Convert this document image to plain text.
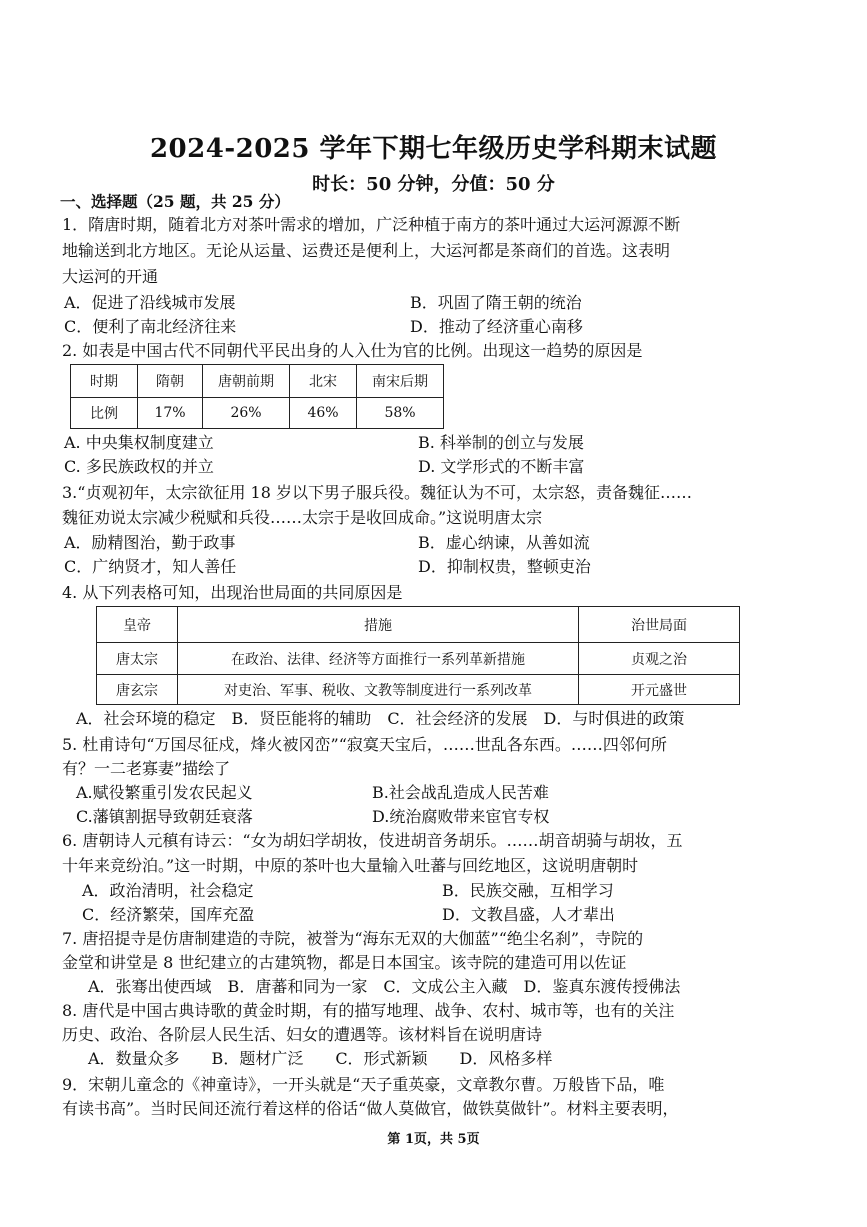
2024-2025 学年下期七年级历史学科期末试题
时长：50 分钟，分值：50 分
一、选择题（25 题，共 25 分）
1．隋唐时期，随着北方对茶叶需求的增加，广泛种植于南方的茶叶通过大运河源源不断
地输送到北方地区。无论从运量、运费还是便利上，大运河都是茶商们的首选。这表明
大运河的开通
A．促进了沿线城市发展	B．巩固了隋王朝的统治
C．便利了南北经济往来	D．推动了经济重心南移
2. 如表是中国古代不同朝代平民出身的人入仕为官的比例。出现这一趋势的原因是
时期	隋朝	唐朝前期	北宋	南宋后期
比例	17%	26%	46%	58%
A. 中央集权制度建立	B. 科举制的创立与发展
C. 多民族政权的并立	D. 文学形式的不断丰富
3.“贞观初年，太宗欲征用 18 岁以下男子服兵役。魏征认为不可，太宗怒，责备魏征……
魏征劝说太宗减少税赋和兵役……太宗于是收回成命。”这说明唐太宗
A．励精图治，勤于政事	B．虚心纳谏，从善如流
C．广纳贤才，知人善任	D．抑制权贵，整顿吏治
4. 从下列表格可知，出现治世局面的共同原因是
皇帝	措施	治世局面
唐太宗	在政治、法律、经济等方面推行一系列革新措施	贞观之治
唐玄宗	对吏治、军事、税收、文教等制度进行一系列改革	开元盛世
A．社会环境的稳定　B．贤臣能将的辅助　C．社会经济的发展　D．与时俱进的政策
5. 杜甫诗句“万国尽征戍，烽火被冈峦”“寂寞天宝后，……世乱各东西。……四邻何所
有？一二老寡妻”描绘了
A.赋役繁重引发农民起义	B.社会战乱造成人民苦难
C.藩镇割据导致朝廷衰落	D.统治腐败带来宦官专权
6. 唐朝诗人元稹有诗云：“女为胡妇学胡妆，伎进胡音务胡乐。……胡音胡骑与胡妆，五
十年来竞纷泊。”这一时期，中原的茶叶也大量输入吐蕃与回纥地区，这说明唐朝时
A．政治清明，社会稳定	B．民族交融，互相学习
C．经济繁荣，国库充盈	D．文教昌盛，人才辈出
7. 唐招提寺是仿唐制建造的寺院，被誉为“海东无双的大伽蓝”“绝尘名刹”，寺院的
金堂和讲堂是 8 世纪建立的古建筑物，都是日本国宝。该寺院的建造可用以佐证
A．张骞出使西域　B．唐蕃和同为一家　C．文成公主入藏　D．鉴真东渡传授佛法
8. 唐代是中国古典诗歌的黄金时期，有的描写地理、战争、农村、城市等，也有的关注
历史、政治、各阶层人民生活、妇女的遭遇等。该材料旨在说明唐诗
A．数量众多　　B．题材广泛　　C．形式新颖　　D．风格多样
9．宋朝儿童念的《神童诗》，一开头就是“天子重英豪，文章教尔曹。万般皆下品，唯
有读书高”。当时民间还流行着这样的俗话“做人莫做官，做铁莫做针”。材料主要表明，
第 1页，共 5页
